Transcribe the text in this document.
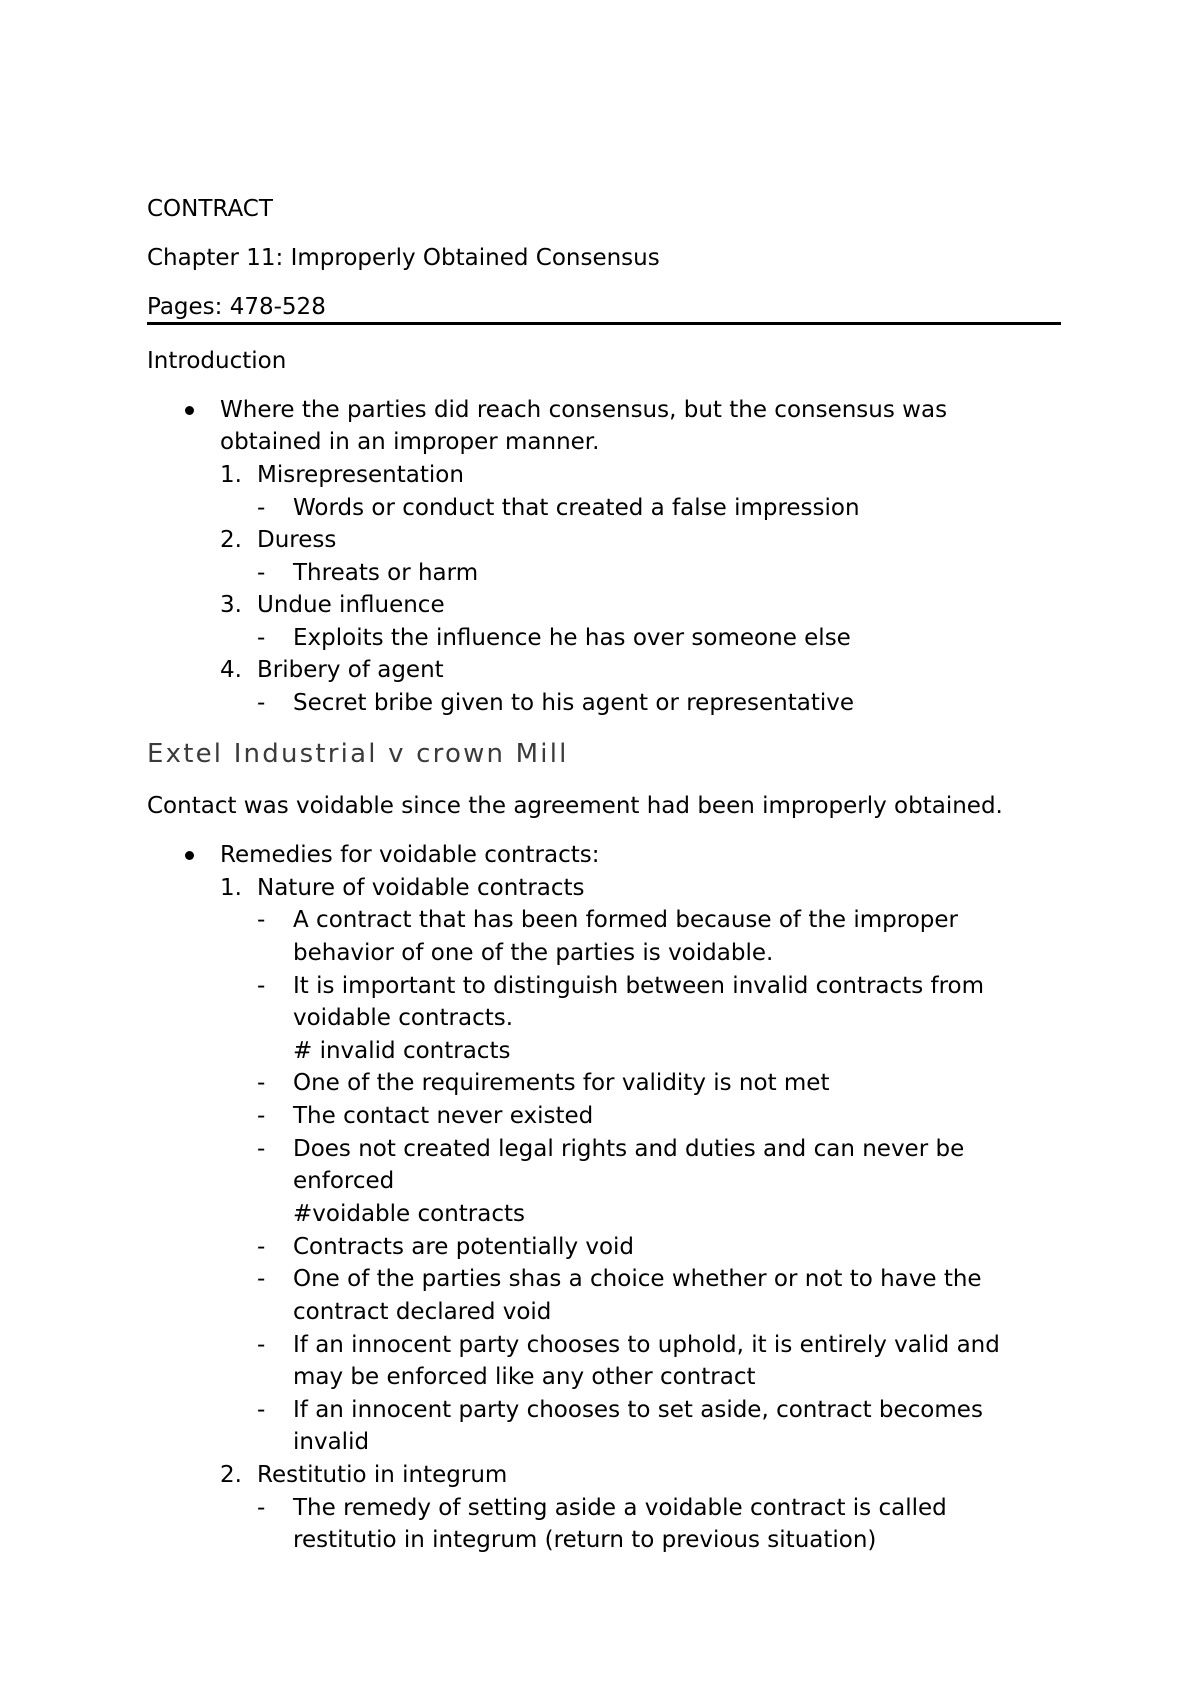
CONTRACT
Chapter 11: Improperly Obtained Consensus
Pages: 478-528
Introduction
Where the parties did reach consensus, but the consensus was
obtained in an improper manner.
1. Misrepresentation
- Words or conduct that created a false impression
2. Duress
- Threats or harm
3. Undue influence
- Exploits the influence he has over someone else
4. Bribery of agent
- Secret bribe given to his agent or representative
Extel Industrial v crown Mill
Contact was voidable since the agreement had been improperly obtained.
Remedies for voidable contracts:
1. Nature of voidable contracts
- A contract that has been formed because of the improper
behavior of one of the parties is voidable.
- It is important to distinguish between invalid contracts from
voidable contracts.
# invalid contracts
- One of the requirements for validity is not met
- The contact never existed
- Does not created legal rights and duties and can never be
enforced
#voidable contracts
- Contracts are potentially void
- One of the parties shas a choice whether or not to have the
contract declared void
- If an innocent party chooses to uphold, it is entirely valid and
may be enforced like any other contract
- If an innocent party chooses to set aside, contract becomes
invalid
2. Restitutio in integrum
- The remedy of setting aside a voidable contract is called
restitutio in integrum (return to previous situation)
